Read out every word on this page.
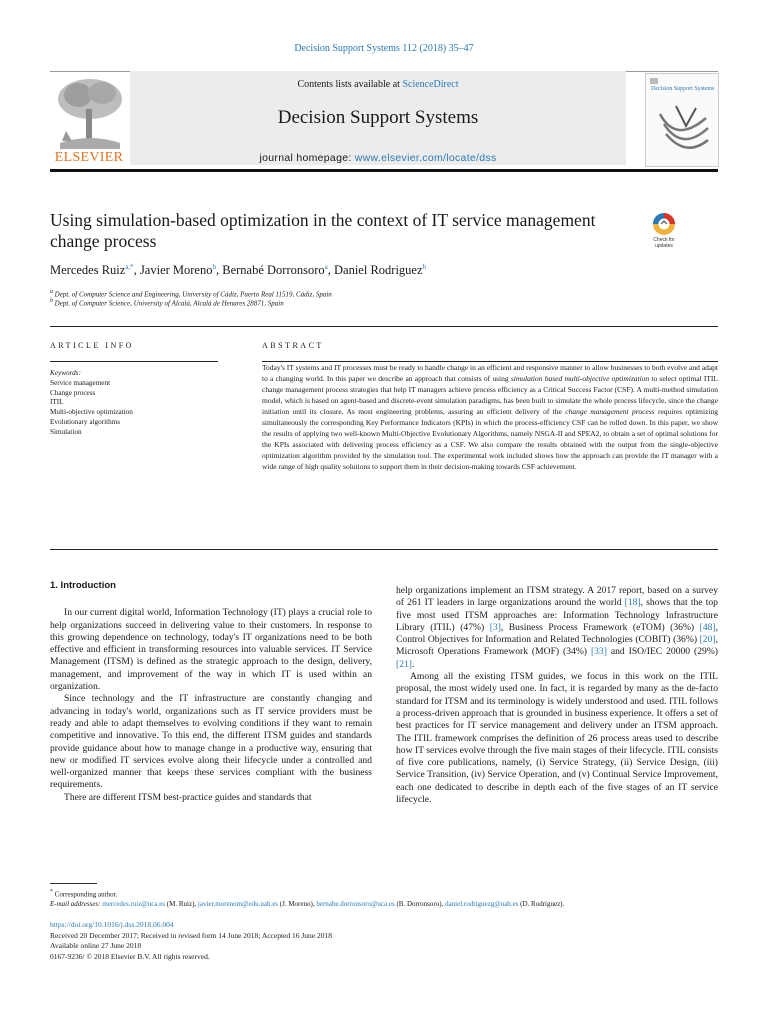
Decision Support Systems 112 (2018) 35–47
ELSEVIER
Contents lists available at ScienceDirect
Decision Support Systems
journal homepage: www.elsevier.com/locate/dss
Decision Support Systems
Using simulation-based optimization in the context of IT service management change process	Check for updates
Mercedes Ruiz$^{a,*}$, Javier Moreno$^b$, Bernabé Dorronsoro$^a$, Daniel Rodriguez$^b$
$^a$ Dept. of Computer Science and Engineering, University of Cádiz, Puerto Real 11519, Cádiz, Spain
$^b$ Dept. of Computer Science, University of Alcalá, Alcalá de Henares 28871, Spain
ARTICLE INFO	ABSTRACT
Keywords:
Service management
Change process
ITIL
Multi-objective optimization
Evolutionary algorithms
Simulation
Today's IT systems and IT processes must be ready to handle change in an efficient and responsive manner to allow businesses to both evolve and adapt to a changing world. In this paper we describe an approach that consists of using simulation based multi-objective optimization to select optimal ITIL change management process strategies that help IT managers achieve process efficiency as a Critical Success Factor (CSF). A multi-method simulation model, which is based on agent-based and discrete-event simulation paradigms, has been built to simulate the whole process lifecycle, since the change initiation until its closure. As most engineering problems, assuring an efficient delivery of the change management process requires optimizing simultaneously the corresponding Key Performance Indicators (KPIs) in which the process-efficiency CSF can be rolled down. In this paper, we show the results of applying two well-known Multi-Objective Evolutionary Algorithms, namely NSGA-II and SPEA2, to obtain a set of optimal solutions for the KPIs associated with delivering process efficiency as a CSF. We also compare the results obtained with the output from the single-objective optimization algorithm provided by the simulation tool. The experimental work included shows how the approach can provide the IT manager with a wide range of high quality solutions to support them in their decision-making towards CSF achievement.
1. Introduction

In our current digital world, Information Technology (IT) plays a crucial role to help organizations succeed in delivering value to their customers. In response to this growing dependence on technology, today's IT organizations need to be both effective and efficient in transforming resources into valuable services. IT Service Management (ITSM) is defined as the strategic approach to the design, delivery, management, and improvement of the way in which IT is used within an organization.

Since technology and the IT infrastructure are constantly changing and advancing in today's world, organizations such as IT service providers must be ready and able to adapt themselves to evolving conditions if they want to remain competitive and innovative. To this end, the different ITSM guides and standards provide guidance about how to manage change in a productive way, ensuring that new or modified IT services evolve along their lifecycle under a controlled and well-organized manner that keeps these services compliant with the business requirements.

There are different ITSM best-practice guides and standards that

help organizations implement an ITSM strategy. A 2017 report, based on a survey of 261 IT leaders in large organizations around the world [18], shows that the top five most used ITSM approaches are: Information Technology Infrastructure Library (ITIL) (47%) [3], Business Process Framework (eTOM) (36%) [48], Control Objectives for Information and Related Technologies (COBIT) (36%) [20], Microsoft Operations Framework (MOF) (34%) [33] and ISO/IEC 20000 (29%) [21].

Among all the existing ITSM guides, we focus in this work on the ITIL proposal, the most widely used one. In fact, it is regarded by many as the de-facto standard for ITSM and its terminology is widely understood and used. ITIL follows a process-driven approach that is grounded in business experience. It offers a set of best practices for IT service management and delivery under an ITSM approach. The ITIL framework comprises the definition of 26 process areas used to describe how IT services evolve through the five main stages of their lifecycle. ITIL consists of five core publications, namely, (i) Service Strategy, (ii) Service Design, (iii) Service Transition, (iv) Service Operation, and (v) Continual Service Improvement, each one dedicated to describe in depth each of the five stages of an IT service lifecycle.

* Corresponding author.
E-mail addresses: mercedes.ruiz@uca.es (M. Ruiz), javier.morenom@edu.uah.es (J. Moreno), bernabe.dorronsoro@uca.es (B. Dorronsoro), daniel.rodriguezg@uah.es (D. Rodriguez).
https://doi.org/10.1016/j.dss.2018.06.004
Received 20 December 2017; Received in revised form 14 June 2018; Accepted 16 June 2018
Available online 27 June 2018
0167-9236/ © 2018 Elsevier B.V. All rights reserved.
